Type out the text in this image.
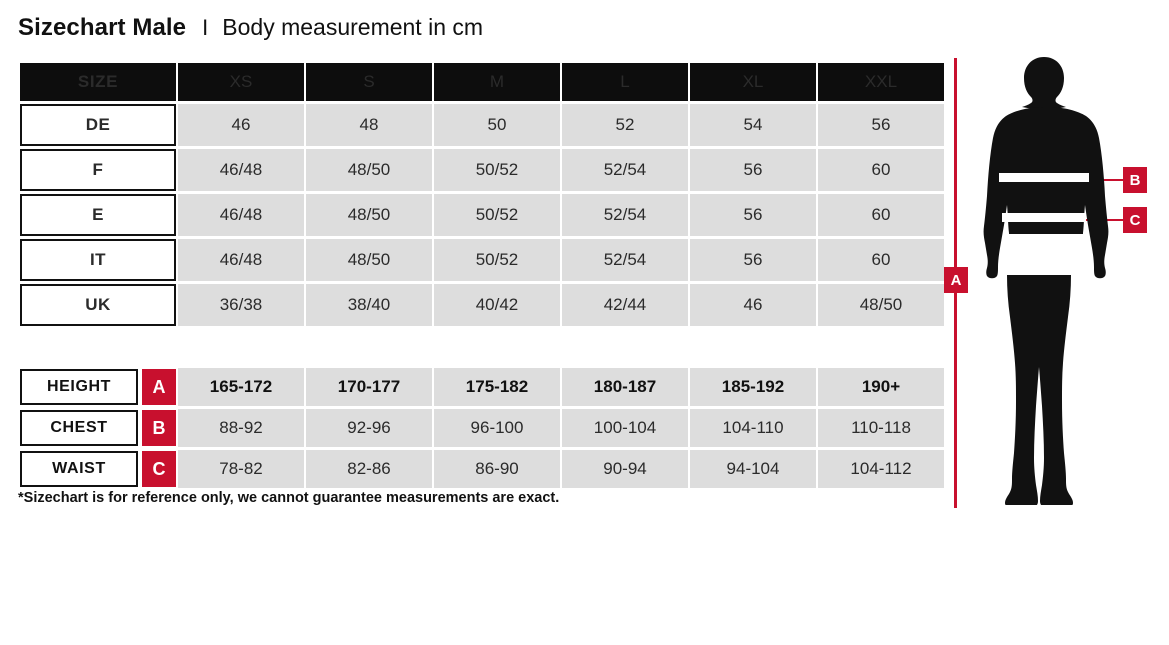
Sizechart Male I Body measurement in cm
SIZE	XS	S	M	L	XL	XXL
DE	46	48	50	52	54	56
F	46/48	48/50	50/52	52/54	56	60
E	46/48	48/50	50/52	52/54	56	60
IT	46/48	48/50	50/52	52/54	56	60
UK	36/38	38/40	40/42	42/44	46	48/50

HEIGHT A	165-172	170-177	175-182	180-187	185-192	190+

CHEST B	88-92	92-96	96-100	100-104	104-110	110-118

WAIST C	78-82	82-86	86-90	90-94	94-104	104-112
*Sizechart is for reference only, we cannot guarantee measurements are exact.
A
B
C
